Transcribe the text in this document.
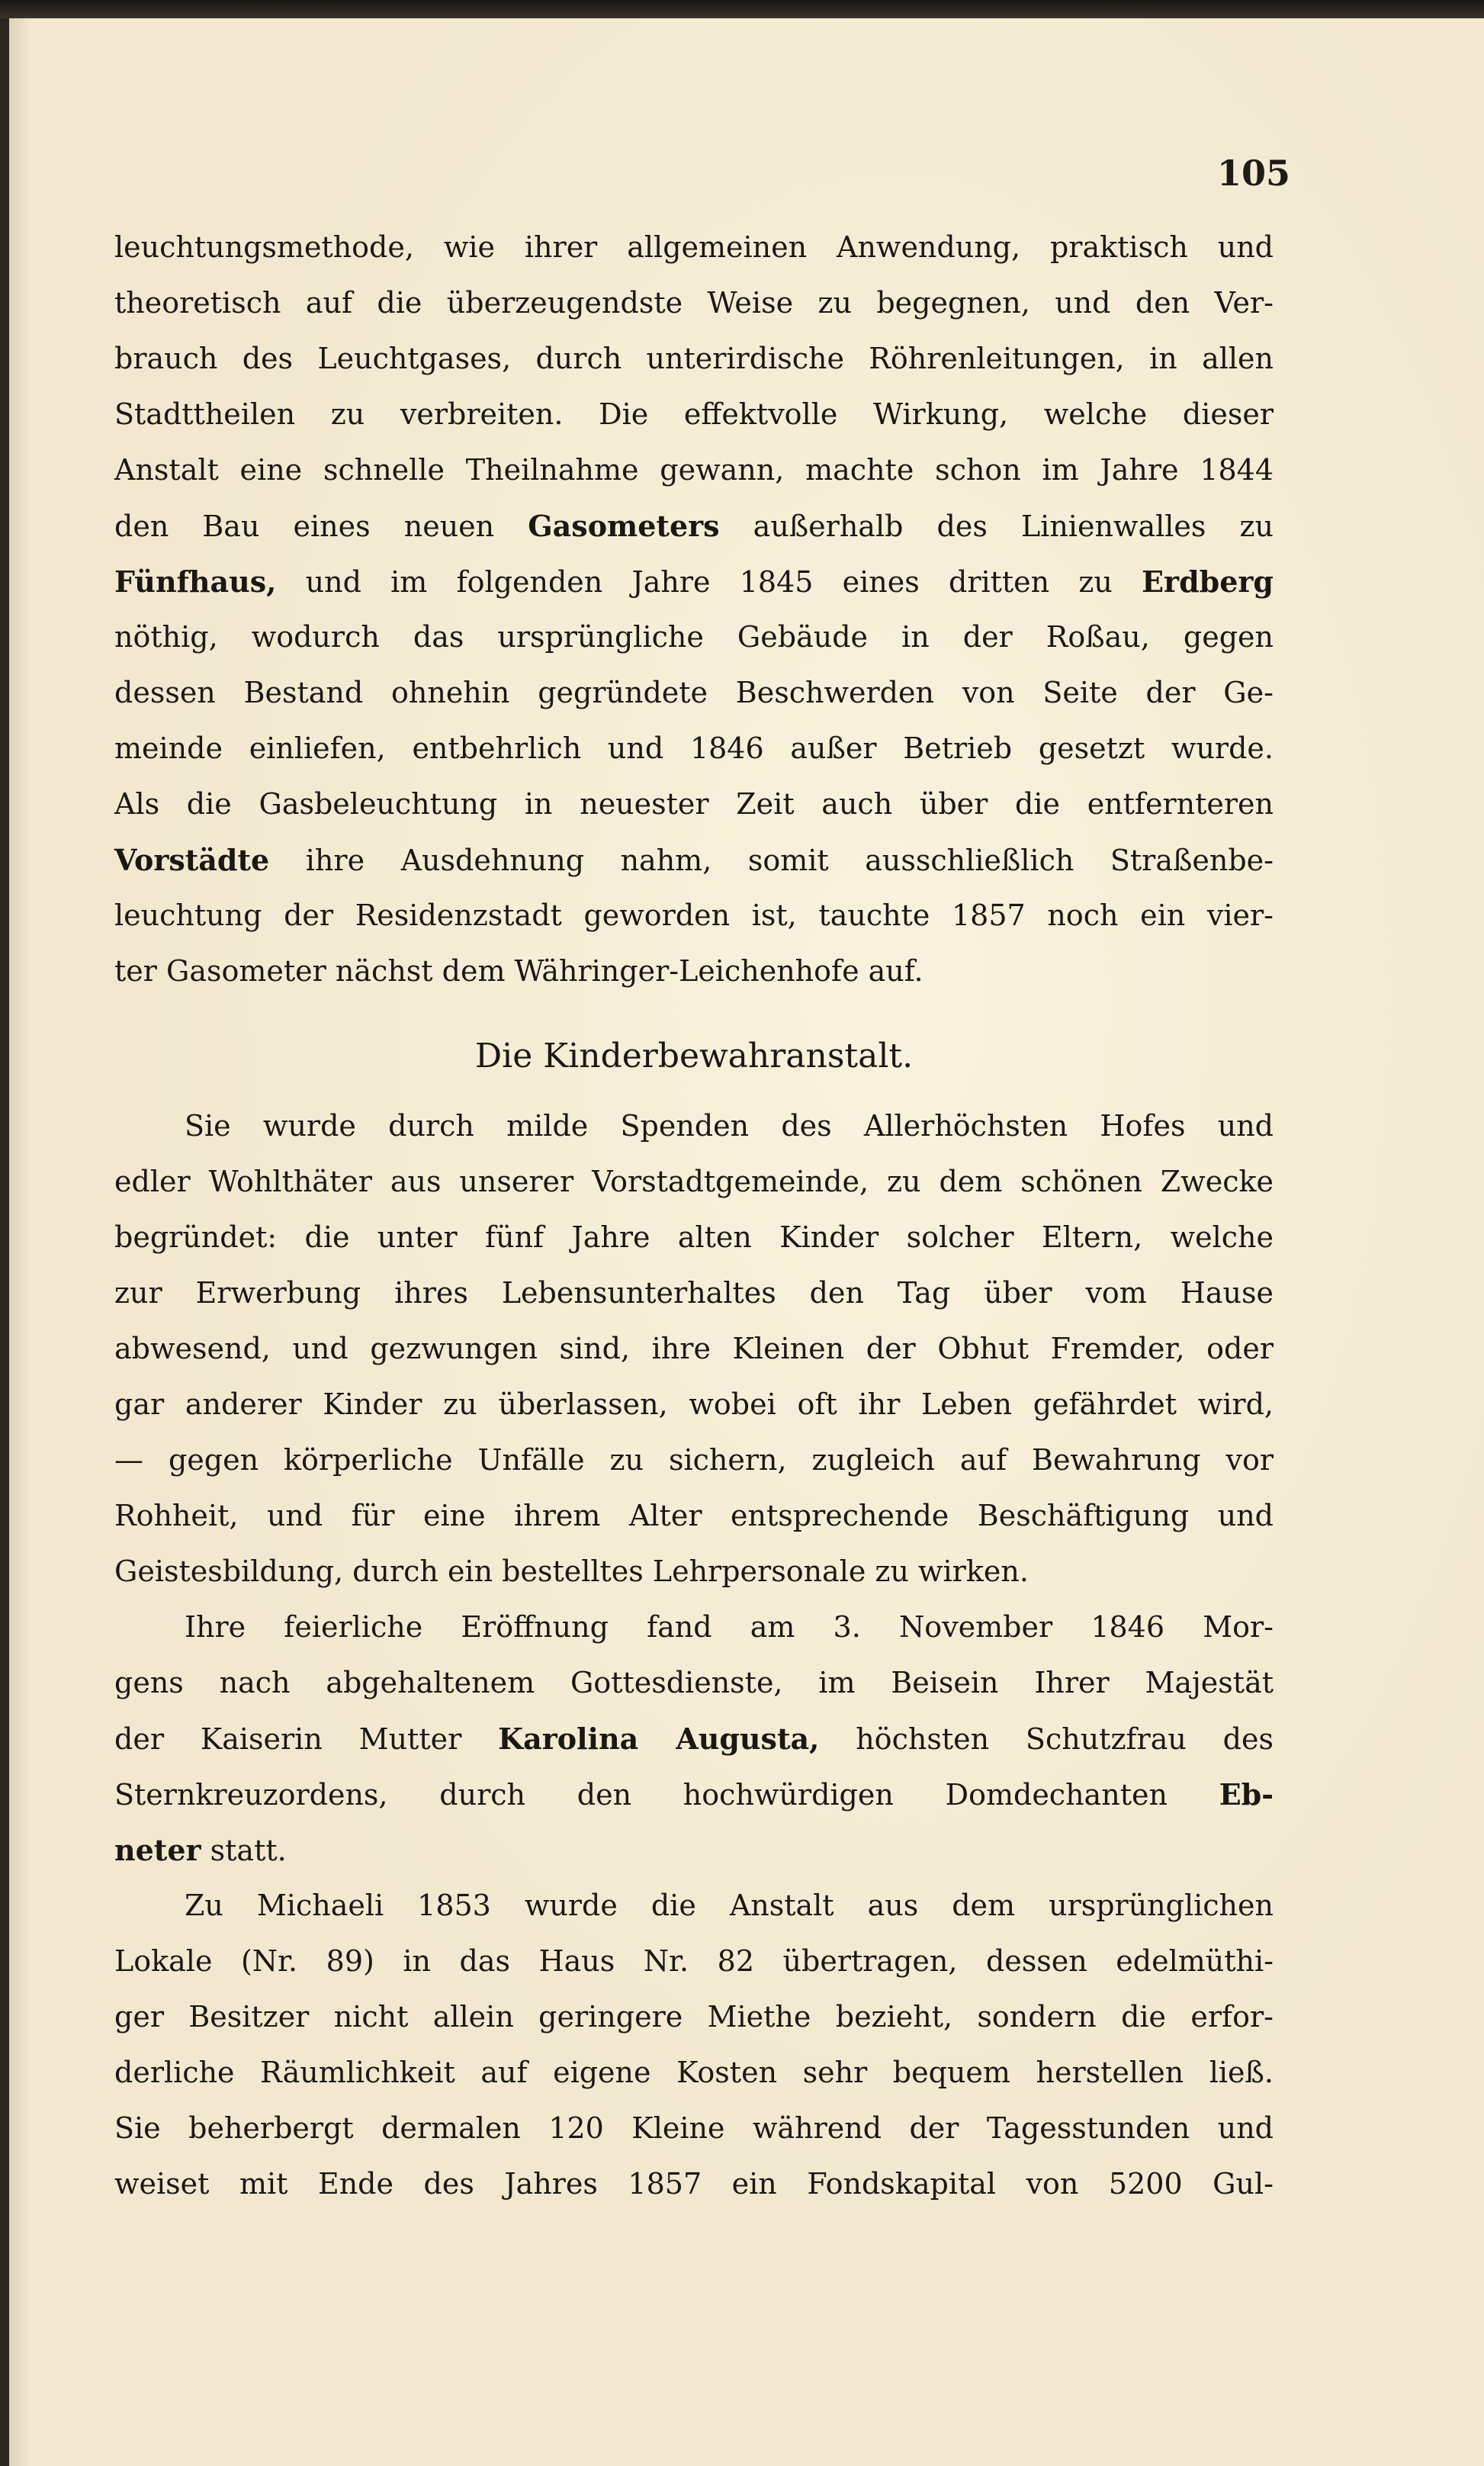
105
leuchtungsmethode, wie ihrer allgemeinen Anwendung, praktisch und
theoretisch auf die überzeugendste Weise zu begegnen, und den Ver-
brauch des Leuchtgases, durch unterirdische Röhrenleitungen, in allen
Stadttheilen zu verbreiten. Die effektvolle Wirkung, welche dieser
Anstalt eine schnelle Theilnahme gewann, machte schon im Jahre 1844
den Bau eines neuen Gasometers außerhalb des Linienwalles zu
Fünfhaus, und im folgenden Jahre 1845 eines dritten zu Erdberg
nöthig, wodurch das ursprüngliche Gebäude in der Roßau, gegen
dessen Bestand ohnehin gegründete Beschwerden von Seite der Ge-
meinde einliefen, entbehrlich und 1846 außer Betrieb gesetzt wurde.
Als die Gasbeleuchtung in neuester Zeit auch über die entfernteren
Vorstädte ihre Ausdehnung nahm, somit ausschließlich Straßenbe-
leuchtung der Residenzstadt geworden ist, tauchte 1857 noch ein vier-
ter Gasometer nächst dem Währinger-Leichenhofe auf.
Die Kinderbewahranstalt.
Sie wurde durch milde Spenden des Allerhöchsten Hofes und
edler Wohlthäter aus unserer Vorstadtgemeinde, zu dem schönen Zwecke
begründet: die unter fünf Jahre alten Kinder solcher Eltern, welche
zur Erwerbung ihres Lebensunterhaltes den Tag über vom Hause
abwesend, und gezwungen sind, ihre Kleinen der Obhut Fremder, oder
gar anderer Kinder zu überlassen, wobei oft ihr Leben gefährdet wird,
— gegen körperliche Unfälle zu sichern, zugleich auf Bewahrung vor
Rohheit, und für eine ihrem Alter entsprechende Beschäftigung und
Geistesbildung, durch ein bestelltes Lehrpersonale zu wirken.
Ihre feierliche Eröffnung fand am 3. November 1846 Mor-
gens nach abgehaltenem Gottesdienste, im Beisein Ihrer Majestät
der Kaiserin Mutter Karolina Augusta, höchsten Schutzfrau des
Sternkreuzordens, durch den hochwürdigen Domdechanten Eb-
neter statt.
Zu Michaeli 1853 wurde die Anstalt aus dem ursprünglichen
Lokale (Nr. 89) in das Haus Nr. 82 übertragen, dessen edelmüthi-
ger Besitzer nicht allein geringere Miethe bezieht, sondern die erfor-
derliche Räumlichkeit auf eigene Kosten sehr bequem herstellen ließ.
Sie beherbergt dermalen 120 Kleine während der Tagesstunden und
weiset mit Ende des Jahres 1857 ein Fondskapital von 5200 Gul-
